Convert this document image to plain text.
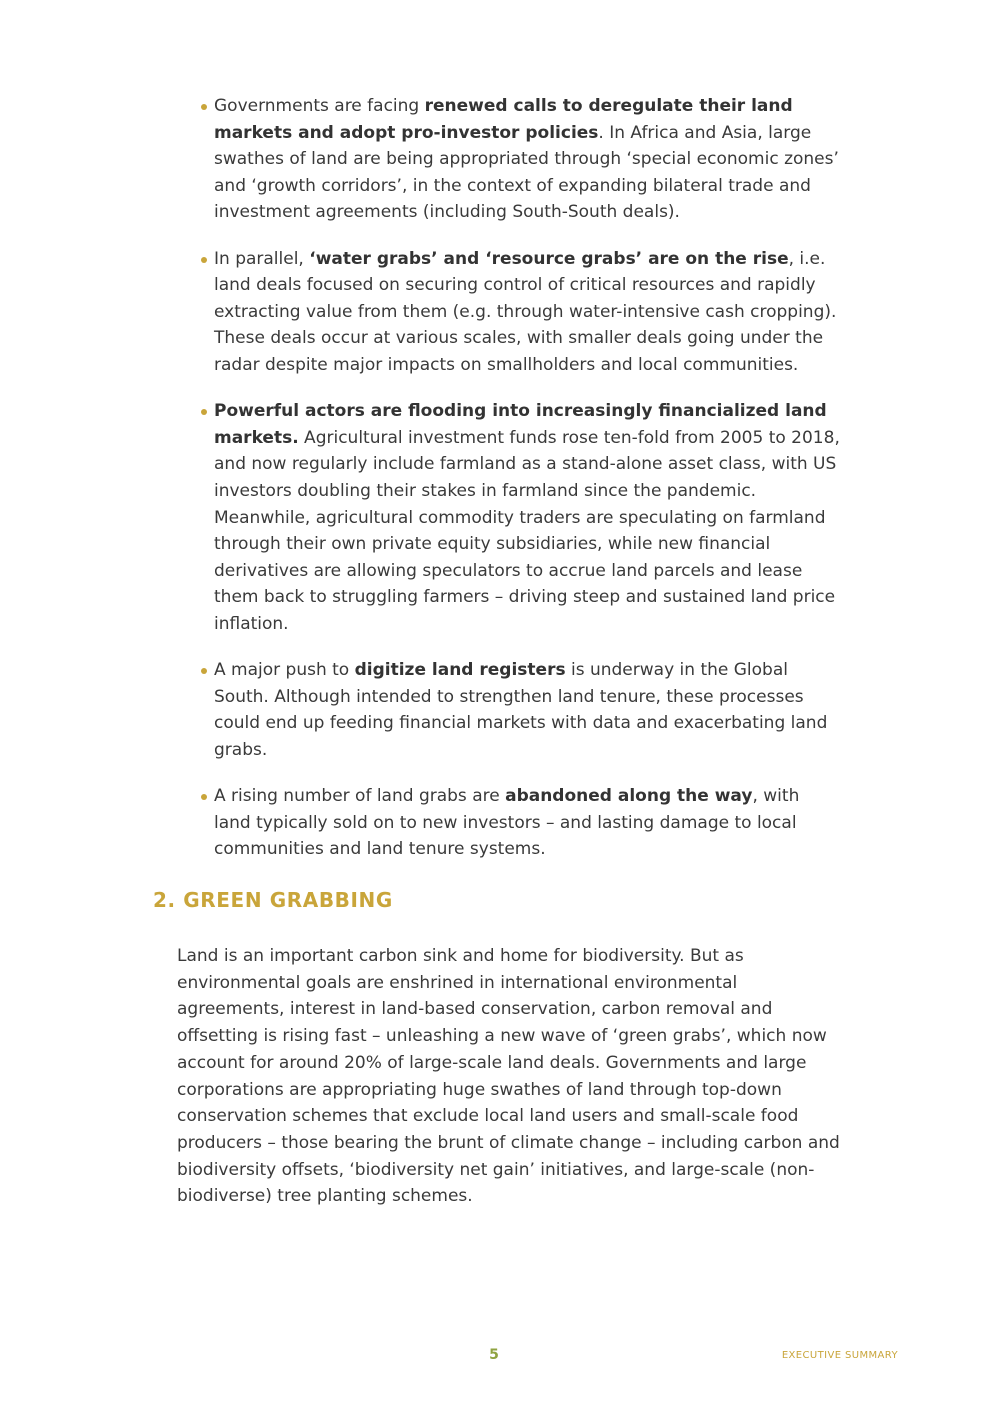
Governments are facing renewed calls to deregulate their land markets and adopt pro-investor policies. In Africa and Asia, large swathes of land are being appropriated through ‘special economic zones’ and ‘growth corridors’, in the context of expanding bilateral trade and investment agreements (including South-South deals).
In parallel, ‘water grabs’ and ‘resource grabs’ are on the rise, i.e. land deals focused on securing control of critical resources and rapidly extracting value from them (e.g. through water-intensive cash cropping). These deals occur at various scales, with smaller deals going under the radar despite major impacts on smallholders and local communities.
Powerful actors are flooding into increasingly financialized land markets. Agricultural investment funds rose ten-fold from 2005 to 2018, and now regularly include farmland as a stand-alone asset class, with US investors doubling their stakes in farmland since the pandemic. Meanwhile, agricultural commodity traders are speculating on farmland through their own private equity subsidiaries, while new financial derivatives are allowing speculators to accrue land parcels and lease them back to struggling farmers – driving steep and sustained land price inflation.
A major push to digitize land registers is underway in the Global South. Although intended to strengthen land tenure, these processes could end up feeding financial markets with data and exacerbating land grabs.
A rising number of land grabs are abandoned along the way, with land typically sold on to new investors – and lasting damage to local communities and land tenure systems.
2. GREEN GRABBING

Land is an important carbon sink and home for biodiversity. But as environmental goals are enshrined in international environmental agreements, interest in land-based conservation, carbon removal and offsetting is rising fast – unleashing a new wave of ‘green grabs’, which now account for around 20% of large-scale land deals. Governments and large corporations are appropriating huge swathes of land through top-down conservation schemes that exclude local land users and small-scale food producers – those bearing the brunt of climate change – including carbon and biodiversity offsets, ‘biodiversity net gain’ initiatives, and large-scale (non-biodiverse) tree planting schemes.

5	EXECUTIVE SUMMARY
